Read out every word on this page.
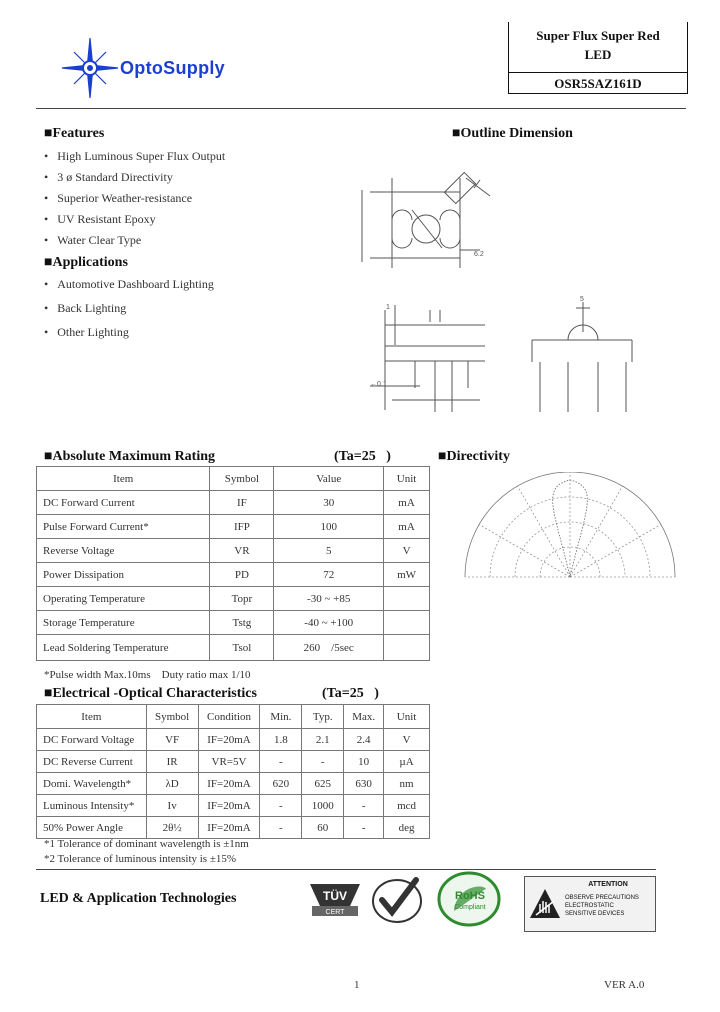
OptoSupply
Super Flux Super Red
LED
OSR5SAZ161D
■Features
•   High Luminous Super Flux Output
•   3 ø Standard Directivity
•   Superior Weather-resistance
•   UV Resistant Epoxy
•   Water Clear Type
■Applications
•   Automotive Dashboard Lighting
•   Back Lighting
•   Other Lighting
■Outline Dimension
6.2
←0.1
5
1
■Absolute Maximum Rating	(Ta=25   )
Item	Symbol	Value	Unit
DC Forward Current	IF	30	mA
Pulse Forward Current*	IFP	100	mA
Reverse Voltage	VR	5	V
Power Dissipation	PD	72	mW
Operating Temperature	Topr	-30 ~ +85	
Storage Temperature	Tstg	-40 ~ +100	
Lead Soldering Temperature	Tsol	260    /5sec	
*Pulse width Max.10ms    Duty ratio max 1/10
■Directivity
■Electrical -Optical Characteristics	(Ta=25   )
Item	Symbol	Condition	Min.	Typ.	Max.	Unit
DC Forward Voltage	VF	IF=20mA	1.8	2.1	2.4	V
DC Reverse Current	IR	VR=5V	-	-	10	µA
Domi. Wavelength*	λD	IF=20mA	620	625	630	nm
Luminous Intensity*	Iv	IF=20mA	-	1000	-	mcd
50% Power Angle	2θ½	IF=20mA	-	60	-	deg
*1 Tolerance of dominant wavelength is ±1nm
*2 Tolerance of luminous intensity is ±15%
LED & Application Technologies	TÜV
CERT
RoHS
Compliant
ATTENTION
OBSERVE PRECAUTIONS
ELECTROSTATIC
SENSITIVE DEVICES
1	VER A.0
